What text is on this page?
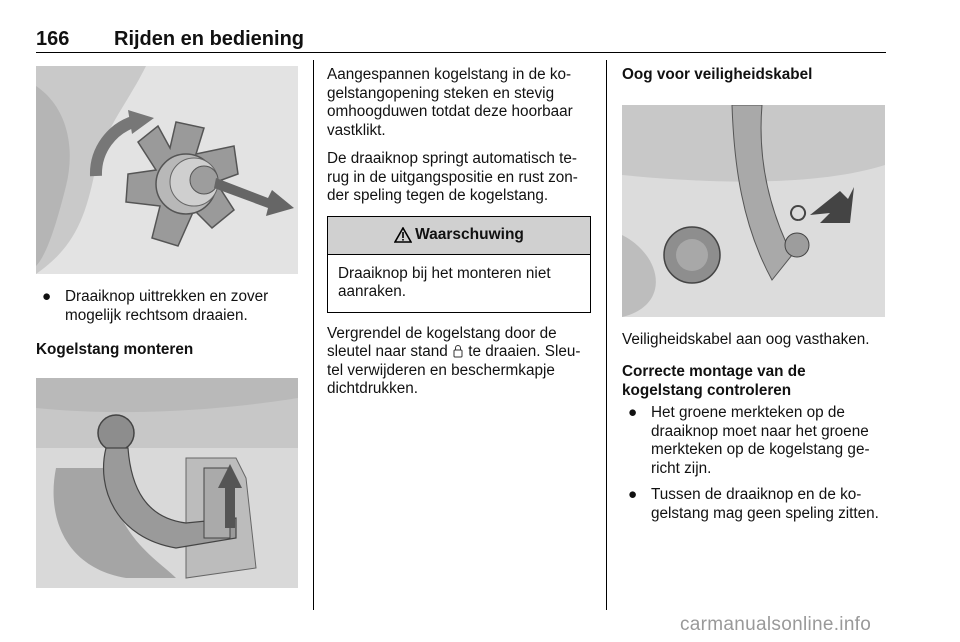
166 Rijden en bediening
● Draaiknop uittrekken en zover mogelijk rechtsom draaien.

Kogelstang monteren

Aangespannen kogelstang in de kogelstangopening steken en stevig omhoogduwen totdat deze hoorbaar vastklikt.

De draaiknop springt automatisch terug in de uitgangspositie en rust zonder speling tegen de kogelstang.

Waarschuwing
Draaiknop bij het monteren niet aanraken.

Vergrendel de kogelstang door de sleutel naar stand te draaien. Sleutel verwijderen en beschermkapje dichtdrukken.

Oog voor veiligheidskabel

Veiligheidskabel aan oog vasthaken.

Correcte montage van de kogelstang controleren

● Het groene merkteken op de draaiknop moet naar het groene merkteken op de kogelstang gericht zijn.
● Tussen de draaiknop en de kogelstang mag geen speling zitten.
carmanualsonline.info
